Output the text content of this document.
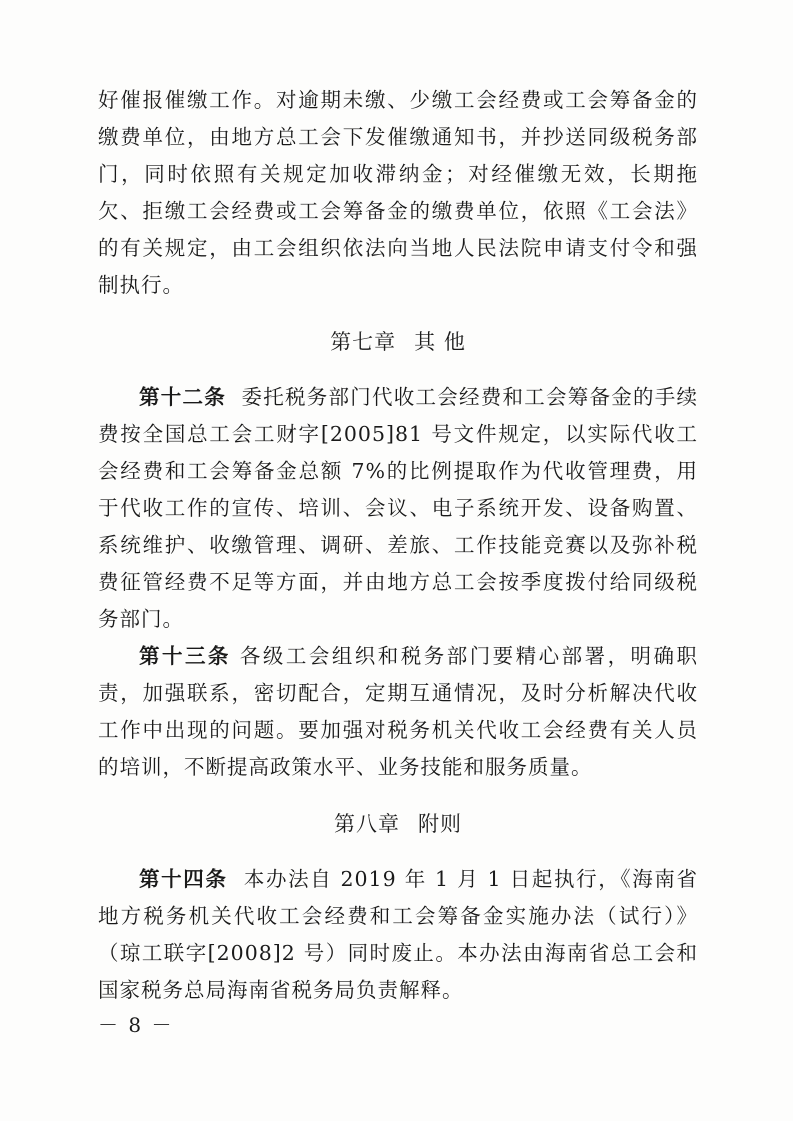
好催报催缴工作。对逾期未缴、少缴工会经费或工会筹备金的缴费单位，由地方总工会下发催缴通知书，并抄送同级税务部门，同时依照有关规定加收滞纳金；对经催缴无效，长期拖欠、拒缴工会经费或工会筹备金的缴费单位，依照《工会法》的有关规定，由工会组织依法向当地人民法院申请支付令和强制执行。

第七章 其 他

第十二条 委托税务部门代收工会经费和工会筹备金的手续费按全国总工会工财字[2005]81 号文件规定，以实际代收工会经费和工会筹备金总额 7%的比例提取作为代收管理费，用于代收工作的宣传、培训、会议、电子系统开发、设备购置、系统维护、收缴管理、调研、差旅、工作技能竞赛以及弥补税费征管经费不足等方面，并由地方总工会按季度拨付给同级税务部门。

第十三条 各级工会组织和税务部门要精心部署，明确职责，加强联系，密切配合，定期互通情况，及时分析解决代收工作中出现的问题。要加强对税务机关代收工会经费有关人员的培训，不断提高政策水平、业务技能和服务质量。

第八章 附则

第十四条 本办法自 2019 年 1 月 1 日起执行，《海南省地方税务机关代收工会经费和工会筹备金实施办法（试行）》（琼工联字[2008]2 号）同时废止。本办法由海南省总工会和国家税务总局海南省税务局负责解释。

－ 8 －
